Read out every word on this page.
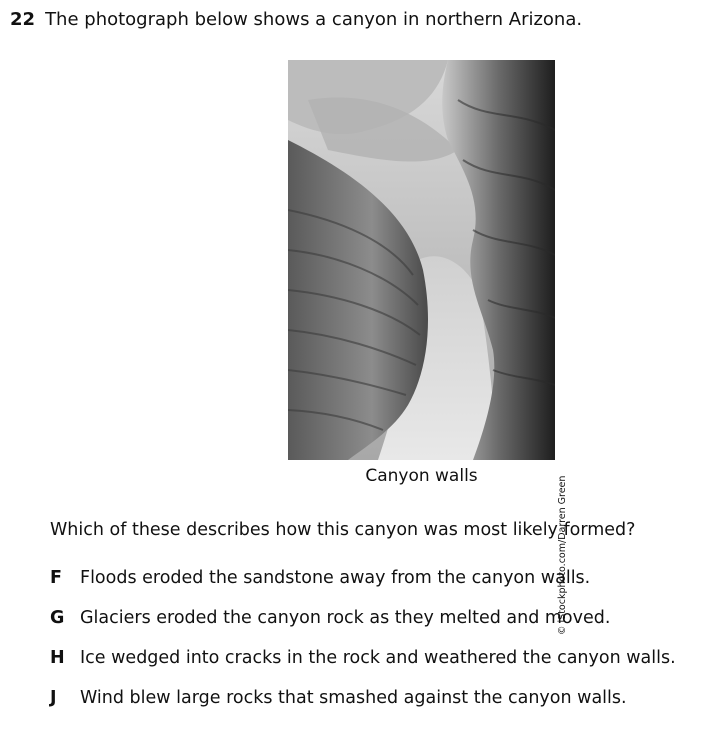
22 The photograph below shows a canyon in northern Arizona.
© iStockphoto.com/Darren Green
Canyon walls
Which of these describes how this canyon was most likely formed?
F Floods eroded the sandstone away from the canyon walls.
G Glaciers eroded the canyon rock as they melted and moved.
H Ice wedged into cracks in the rock and weathered the canyon walls.
J Wind blew large rocks that smashed against the canyon walls.
